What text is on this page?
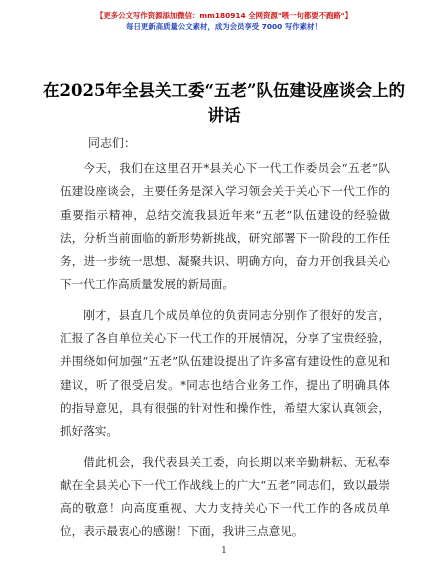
【更多公文写作资源添加微信：mm180914 全网资源"喂一句都要不跑路"】
每日更新高质量公文素材，成为会员享受 7000 写作素材！
在2025年全县关工委“五老”队伍建设座谈会上的讲话
同志们：

今天，我们在这里召开*县关心下一代工作委员会“五老”队伍建设座谈会，主要任务是深入学习领会关于关心下一代工作的重要指示精神，总结交流我县近年来“五老”队伍建设的经验做法，分析当前面临的新形势新挑战，研究部署下一阶段的工作任务，进一步统一思想、凝聚共识、明确方向，奋力开创我县关心下一代工作高质量发展的新局面。

刚才，县直几个成员单位的负责同志分别作了很好的发言，汇报了各自单位关心下一代工作的开展情况，分享了宝贵经验，并围绕如何加强“五老”队伍建设提出了许多富有建设性的意见和建议，听了很受启发。*同志也结合业务工作，提出了明确具体的指导意见，具有很强的针对性和操作性，希望大家认真领会，抓好落实。

借此机会，我代表县关工委，向长期以来辛勤耕耘、无私奉献在全县关心下一代工作战线上的广大“五老”同志们，致以最崇高的敬意！向高度重视、大力支持关心下一代工作的各成员单位，表示最衷心的感谢！下面，我讲三点意见。

1
